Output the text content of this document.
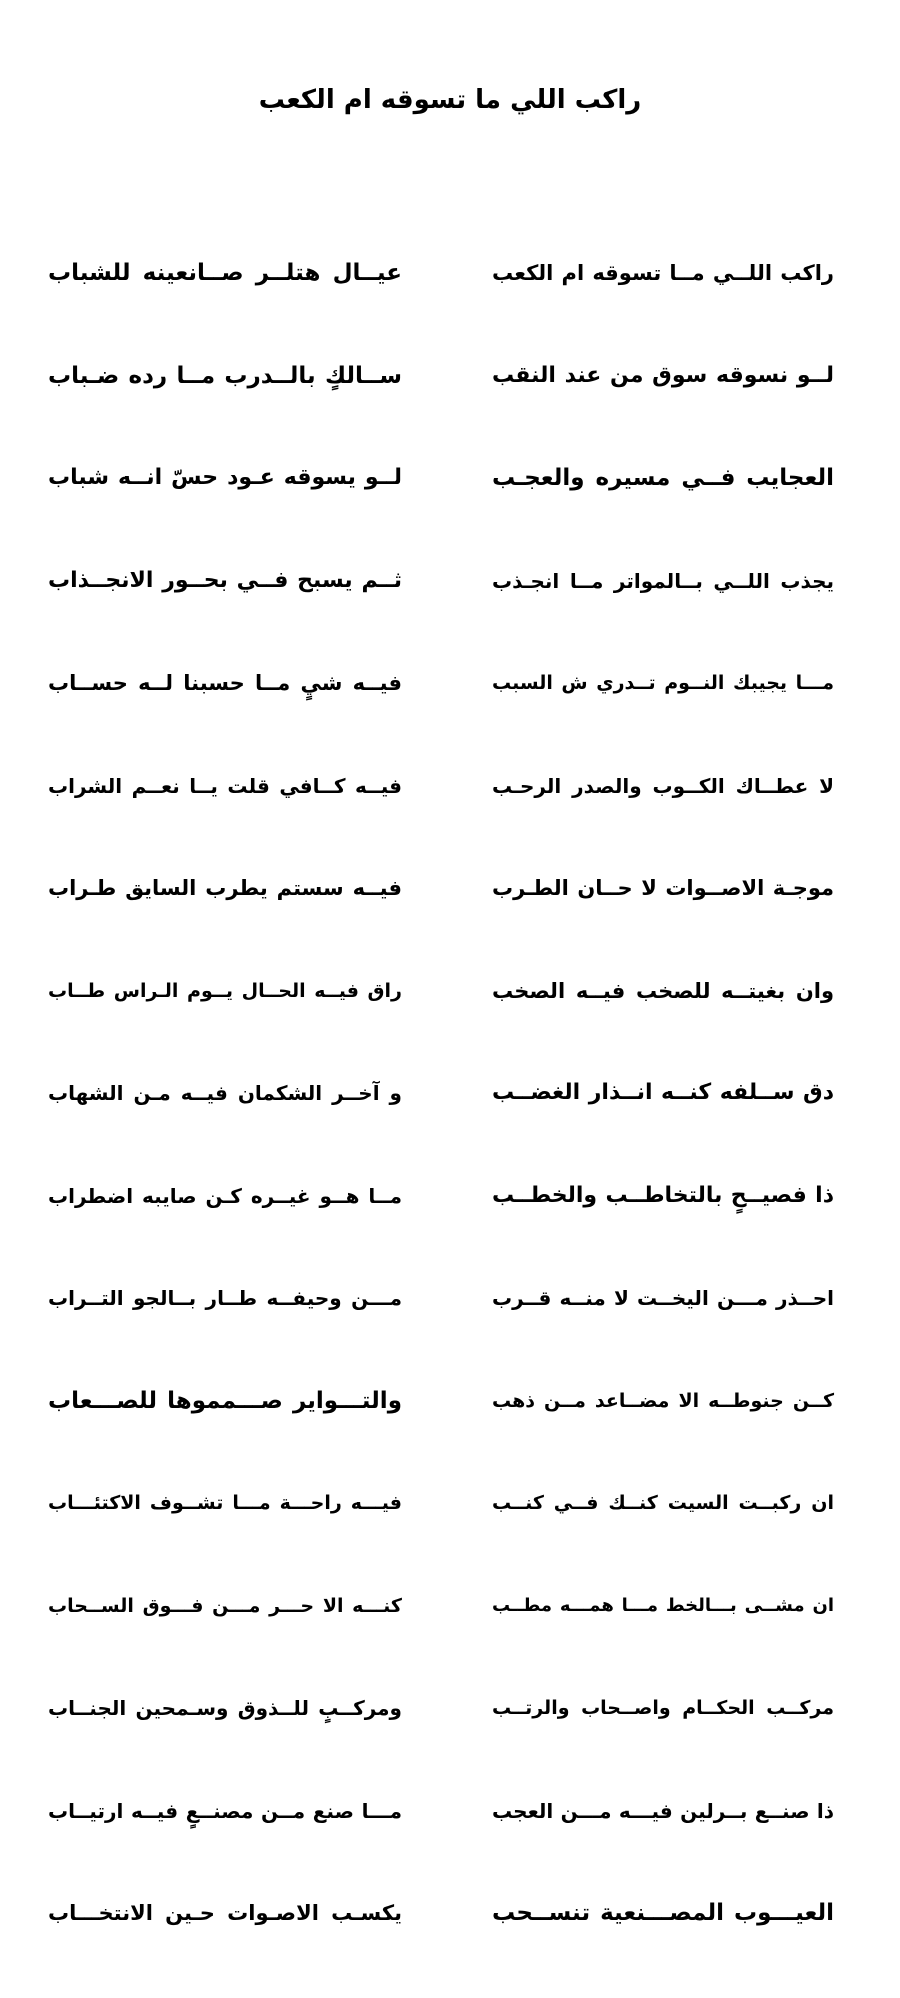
راكب اللي ما تسوقه ام الكعب
راكب اللــي مــا تسوقه ام الكعب
عيــال هتلــر صــانعينه للشباب
لــو نسوقه سوق من عند النقب
ســالكٍ بالــدرب مــا رده ضـباب
العجايب فــي مسيره والعجـب
لــو يسوقه عـود حسّ انــه شباب
يجذب اللــي بــالمواتر مــا انجـذب
ثــم يسبح فــي بحــور الانجــذاب
مـــا يجيبك النــوم تــدري ش السبب
فيــه شيٍ مــا حسبنا لــه حســاب
لا عطــاك الكــوب والصدر الرحـب
فيــه كــافي قلت يــا نعــم الشراب
موجـة الاصــوات لا حــان الطـرب
فيــه سستم يطرب السايق طـراب
وان بغيتــه للصخب فيــه الصخب
راق فيــه الحــال يــوم الـراس طــاب
دق ســلفه كنــه انــذار الغضــب
و آخــر الشكمان فيــه مـن الشهاب
ذا فصيــحٍ بالتخاطــب والخطــب
مــا هــو غيــره كـن صايبه اضطراب
احــذر مـــن اليخــت لا منــه قــرب
مـــن وحيفــه طــار بــالجو التــراب
كــن جنوطــه الا مضــاعد مــن ذهب
والتـــواير صـــمموها للصـــعاب
ان ركبــت السيت كنــك فــي كنــب
فيـــه راحـــة مـــا تشــوف الاكتئـــاب
ان مشــى بـــالخط مـــا همـــه مطــب
كنـــه الا حـــر مـــن فـــوق الســحاب
مركــب الحكــام واصــحاب والرتــب
ومركــبٍ للــذوق وسـمحين الجنــاب
ذا صنــع بــرلين فيـــه مـــن العجب
مـــا صنع مــن مصنــعٍ فيــه ارتيــاب
العيـــوب المصـــنعية تنســحب
يكسـب الاصـوات حـين الانتخـــاب
